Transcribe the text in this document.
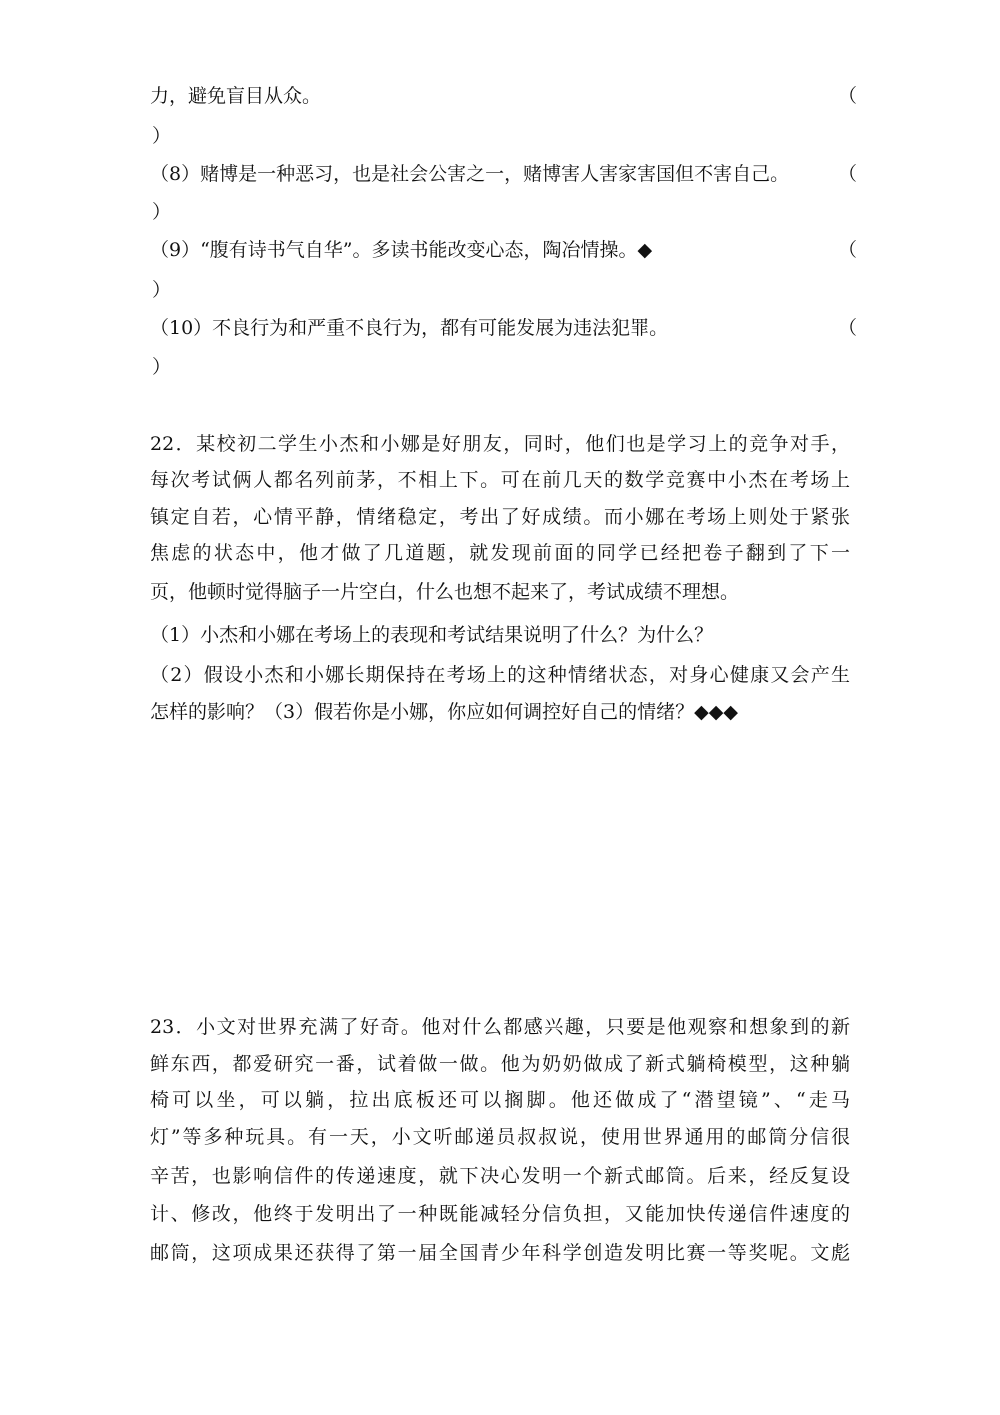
力，避免盲目从众。	（
）
（8）赌博是一种恶习，也是社会公害之一，赌博害人害家害国但不害自己。	（
）
（9）“腹有诗书气自华”。多读书能改变心态，陶冶情操。◆	（
）
（10）不良行为和严重不良行为，都有可能发展为违法犯罪。	（
）
22．某校初二学生小杰和小娜是好朋友，同时，他们也是学习上的竞争对手，
每次考试俩人都名列前茅，不相上下。可在前几天的数学竞赛中小杰在考场上
镇定自若，心情平静，情绪稳定，考出了好成绩。而小娜在考场上则处于紧张
焦虑的状态中，他才做了几道题，就发现前面的同学已经把卷子翻到了下一
页，他顿时觉得脑子一片空白，什么也想不起来了，考试成绩不理想。
（1）小杰和小娜在考场上的表现和考试结果说明了什么？为什么？
（2）假设小杰和小娜长期保持在考场上的这种情绪状态，对身心健康又会产生
怎样的影响？（3）假若你是小娜，你应如何调控好自己的情绪？◆◆◆
23．小文对世界充满了好奇。他对什么都感兴趣，只要是他观察和想象到的新
鲜东西，都爱研究一番，试着做一做。他为奶奶做成了新式躺椅模型，这种躺
椅可以坐，可以躺，拉出底板还可以搁脚。他还做成了“潜望镜”、“走马
灯”等多种玩具。有一天，小文听邮递员叔叔说，使用世界通用的邮筒分信很
辛苦，也影响信件的传递速度，就下决心发明一个新式邮筒。后来，经反复设
计、修改，他终于发明出了一种既能减轻分信负担，又能加快传递信件速度的
邮筒，这项成果还获得了第一届全国青少年科学创造发明比赛一等奖呢。文彪
